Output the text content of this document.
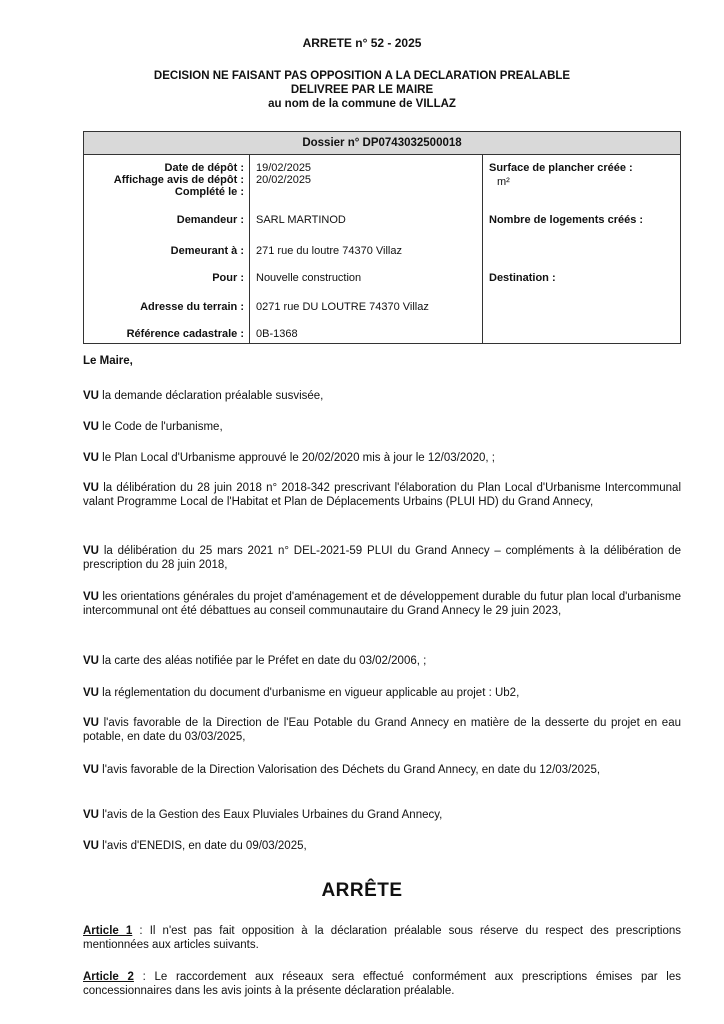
ARRETE n° 52 - 2025
DECISION NE FAISANT PAS OPPOSITION A LA DECLARATION PREALABLE
DELIVREE PAR LE MAIRE
au nom de la commune de VILLAZ
Dossier n° DP0743032500018
Date de dépôt : 19/02/2025
Affichage avis de dépôt : 20/02/2025
Complété le :
Demandeur : SARL MARTINOD
Demeurant à : 271 rue du loutre 74370 Villaz
Pour : Nouvelle construction
Adresse du terrain : 0271 rue DU LOUTRE 74370 Villaz
Référence cadastrale : 0B-1368
Surface de plancher créée :
m²
Nombre de logements créés :
Destination :
Le Maire,
VU la demande déclaration préalable susvisée,
VU le Code de l'urbanisme,
VU le Plan Local d'Urbanisme approuvé le 20/02/2020 mis à jour le 12/03/2020, ;
VU la délibération du 28 juin 2018 n° 2018-342 prescrivant l'élaboration du Plan Local d'Urbanisme Intercommunal valant Programme Local de l'Habitat et Plan de Déplacements Urbains (PLUI HD) du Grand Annecy,
VU la délibération du 25 mars 2021 n° DEL-2021-59 PLUI du Grand Annecy – compléments à la délibération de prescription du 28 juin 2018,
VU les orientations générales du projet d'aménagement et de développement durable du futur plan local d'urbanisme intercommunal ont été débattues au conseil communautaire du Grand Annecy le 29 juin 2023,
VU la carte des aléas notifiée par le Préfet en date du 03/02/2006, ;
VU la réglementation du document d'urbanisme en vigueur applicable au projet : Ub2,
VU l'avis favorable de la Direction de l'Eau Potable du Grand Annecy en matière de la desserte du projet en eau potable, en date du 03/03/2025,
VU l'avis favorable de la Direction Valorisation des Déchets du Grand Annecy, en date du 12/03/2025,
VU l'avis de la Gestion des Eaux Pluviales Urbaines du Grand Annecy,
VU l'avis d'ENEDIS, en date du 09/03/2025,
ARRÊTE
Article 1 : Il n'est pas fait opposition à la déclaration préalable sous réserve du respect des prescriptions mentionnées aux articles suivants.
Article 2 : Le raccordement aux réseaux sera effectué conformément aux prescriptions émises par les concessionnaires dans les avis joints à la présente déclaration préalable.
